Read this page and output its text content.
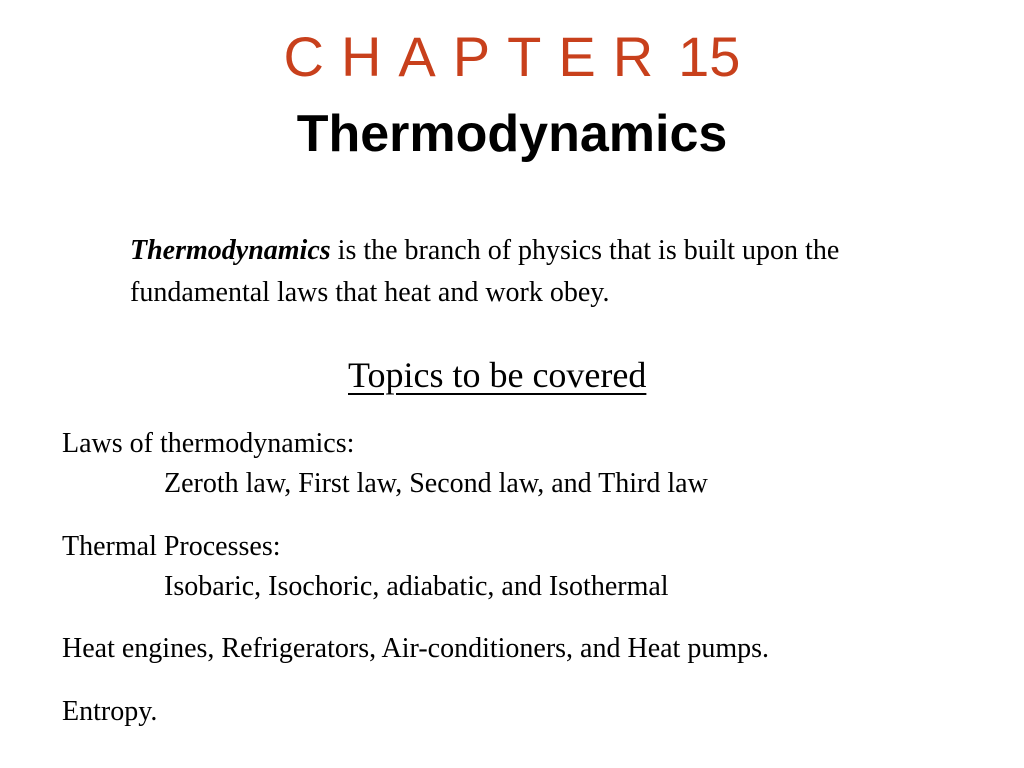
CHAPTER 15
Thermodynamics
Thermodynamics is the branch of physics that is built upon the fundamental laws that heat and work obey.
Topics to be covered
Laws of thermodynamics:
Zeroth law, First law, Second law, and Third law
Thermal Processes:
Isobaric, Isochoric, adiabatic, and Isothermal
Heat engines, Refrigerators, Air-conditioners, and Heat pumps.
Entropy.
